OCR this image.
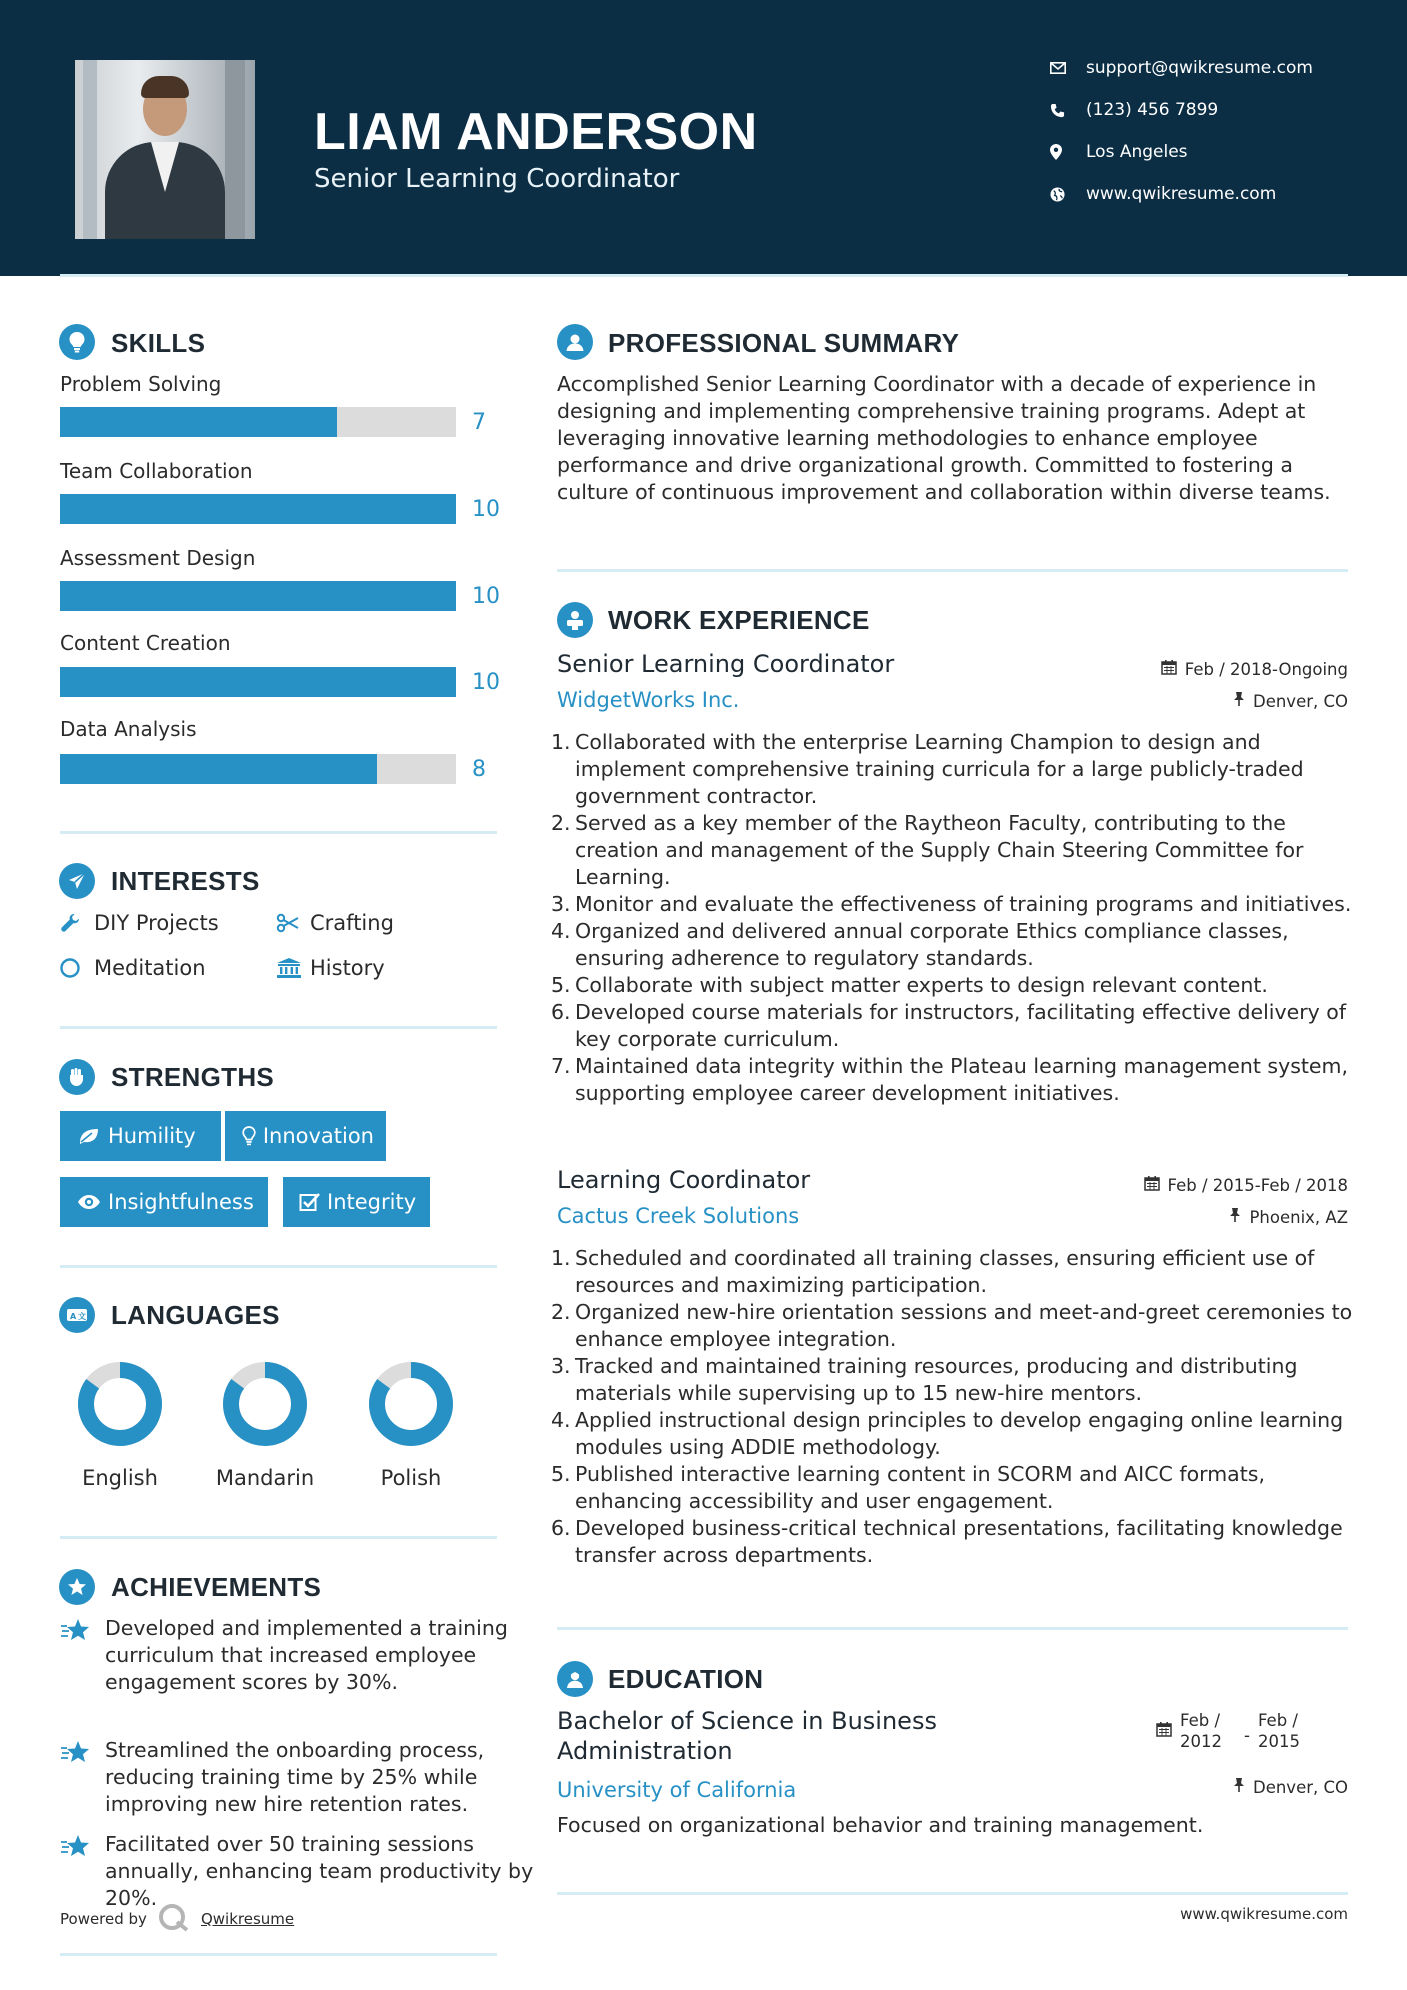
LIAM ANDERSON
Senior Learning Coordinator
support@qwikresume.com
(123) 456 7899
Los Angeles
www.qwikresume.com
SKILLS
Problem Solving
7
Team Collaboration
10
Assessment Design
10
Content Creation
10
Data Analysis
8
INTERESTS
DIY Projects	Crafting
Meditation	History
STRENGTHS
Humility	Innovation
Insightfulness	Integrity
A 文 LANGUAGES
English	Mandarin	Polish
ACHIEVEMENTS
Developed and implemented a training curriculum that increased employee engagement scores by 30%.
Streamlined the onboarding process, reducing training time by 25% while improving new hire retention rates.
Facilitated over 50 training sessions annually, enhancing team productivity by 20%.
Powered by	Qwikresume
PROFESSIONAL SUMMARY
Accomplished Senior Learning Coordinator with a decade of experience in designing and implementing comprehensive training programs. Adept at leveraging innovative learning methodologies to enhance employee performance and drive organizational growth. Committed to fostering a culture of continuous improvement and collaboration within diverse teams.
WORK EXPERIENCE
Senior Learning Coordinator
WidgetWorks Inc.
Feb / 2018-Ongoing
Denver, CO
1. Collaborated with the enterprise Learning Champion to design and implement comprehensive training curricula for a large publicly-traded government contractor.
2. Served as a key member of the Raytheon Faculty, contributing to the creation and management of the Supply Chain Steering Committee for Learning.
3. Monitor and evaluate the effectiveness of training programs and initiatives.
4. Organized and delivered annual corporate Ethics compliance classes, ensuring adherence to regulatory standards.
5. Collaborate with subject matter experts to design relevant content.
6. Developed course materials for instructors, facilitating effective delivery of key corporate curriculum.
7. Maintained data integrity within the Plateau learning management system, supporting employee career development initiatives.
Learning Coordinator
Cactus Creek Solutions
Feb / 2015-Feb / 2018
Phoenix, AZ
1. Scheduled and coordinated all training classes, ensuring efficient use of resources and maximizing participation.
2. Organized new-hire orientation sessions and meet-and-greet ceremonies to enhance employee integration.
3. Tracked and maintained training resources, producing and distributing materials while supervising up to 15 new-hire mentors.
4. Applied instructional design principles to develop engaging online learning modules using ADDIE methodology.
5. Published interactive learning content in SCORM and AICC formats, enhancing accessibility and user engagement.
6. Developed business-critical technical presentations, facilitating knowledge transfer across departments.
EDUCATION
Bachelor of Science in Business
Administration
University of California
Feb /
2012	-
Feb /
2015
Denver, CO
Focused on organizational behavior and training management.
www.qwikresume.com
